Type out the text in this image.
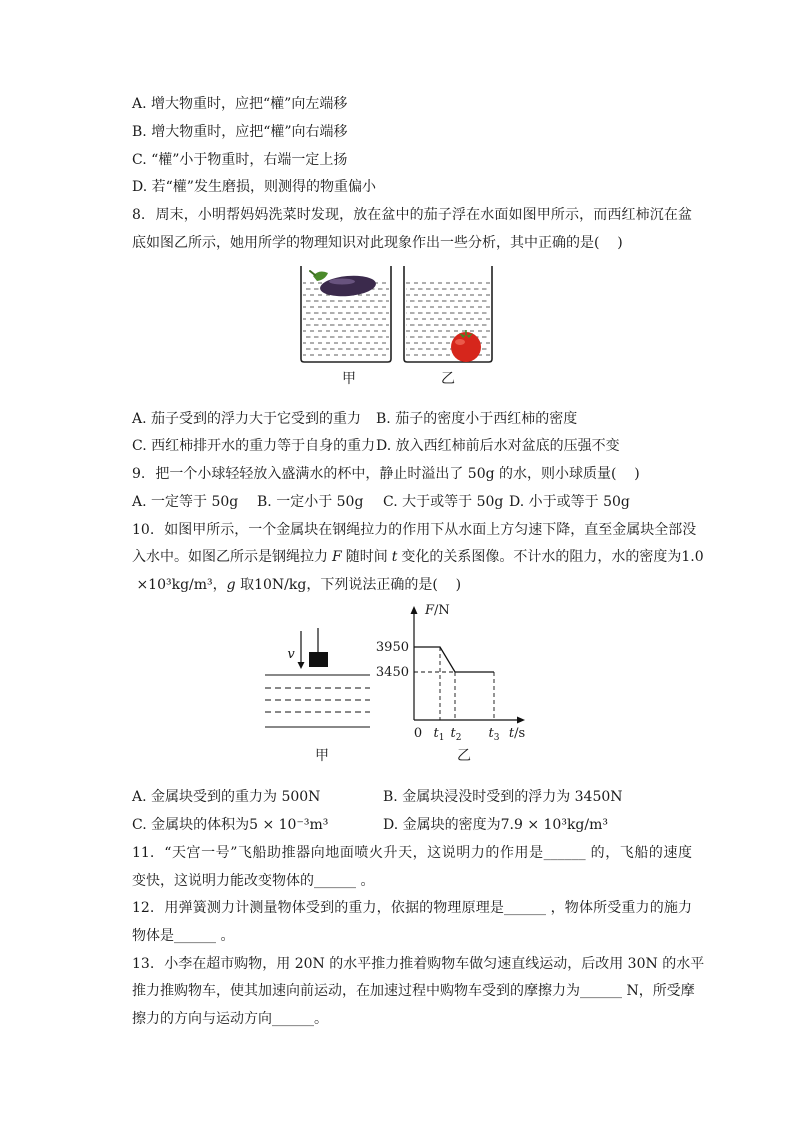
A. 增大物重时，应把“權”向左端移
B. 增大物重时，应把“權”向右端移
C. “權”小于物重时，右端一定上扬
D. 若“權”发生磨损，则测得的物重偏小
8. 周末，小明帮妈妈洗菜时发现，放在盆中的茄子浮在水面如图甲所示，而西红柿沉在盆
底如图乙所示，她用所学的物理知识对此现象作出一些分析，其中正确的是(    )
甲	乙
A. 茄子受到的浮力大于它受到的重力 B. 茄子的密度小于西红柿的密度
C. 西红柿排开水的重力等于自身的重力 D. 放入西红柿前后水对盆底的压强不变
9. 把一个小球轻轻放入盛满水的杯中，静止时溢出了 50g 的水，则小球质量(    )
A. 一定等于 50g B. 一定小于 50g C. 大于或等于 50g D. 小于或等于 50g
10. 如图甲所示，一个金属块在钢绳拉力的作用下从水面上方匀速下降，直至金属块全部没
入水中。如图乙所示是钢绳拉力 F 随时间 t 变化的关系图像。不计水的阻力，水的密度为1.0
×10³kg/m³，g 取10N/kg，下列说法正确的是(    )
v
甲
F/N
3950
3450
0 $t_1$ $t_2$ $t_3$ t/s
乙
A. 金属块受到的重力为 500N	B. 金属块浸没时受到的浮力为 3450N
C. 金属块的体积为5 × 10⁻³m³	D. 金属块的密度为7.9 × 10³kg/m³
11. “天宫一号”飞船助推器向地面喷火升天，这说明力的作用是______ 的，飞船的速度
变快，这说明力能改变物体的______ 。
12. 用弹簧测力计测量物体受到的重力，依据的物理原理是______ ，物体所受重力的施力
物体是______ 。
13. 小李在超市购物，用 20N 的水平推力推着购物车做匀速直线运动，后改用 30N 的水平
推力推购物车，使其加速向前运动，在加速过程中购物车受到的摩擦力为______ N，所受摩
擦力的方向与运动方向______。
